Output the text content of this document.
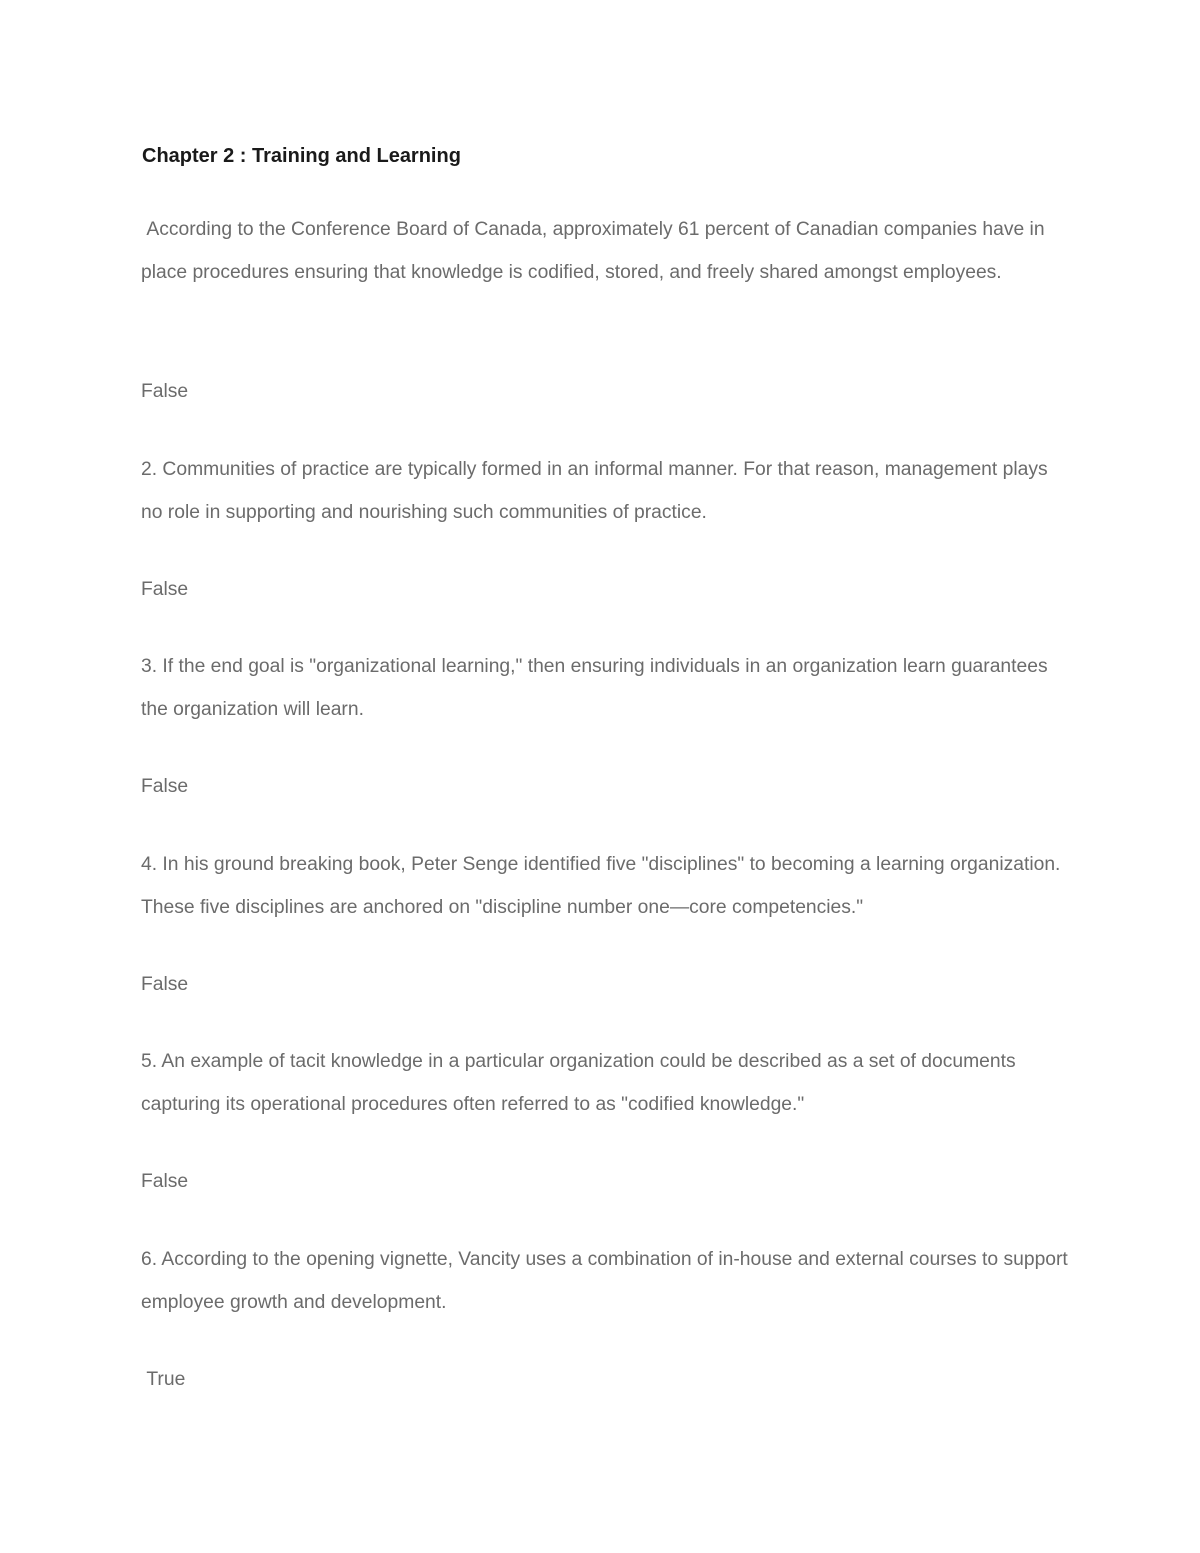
Chapter 2 : Training and Learning

According to the Conference Board of Canada, approximately 61 percent of Canadian companies have in place procedures ensuring that knowledge is codified, stored, and freely shared amongst employees.

False

2. Communities of practice are typically formed in an informal manner. For that reason, management plays no role in supporting and nourishing such communities of practice.

False

3. If the end goal is "organizational learning," then ensuring individuals in an organization learn guarantees the organization will learn.

False

4. In his ground breaking book, Peter Senge identified five "disciplines" to becoming a learning organization. These five disciplines are anchored on "discipline number one—core competencies."

False

5. An example of tacit knowledge in a particular organization could be described as a set of documents capturing its operational procedures often referred to as "codified knowledge."

False

6. According to the opening vignette, Vancity uses a combination of in-house and external courses to support employee growth and development.

True
